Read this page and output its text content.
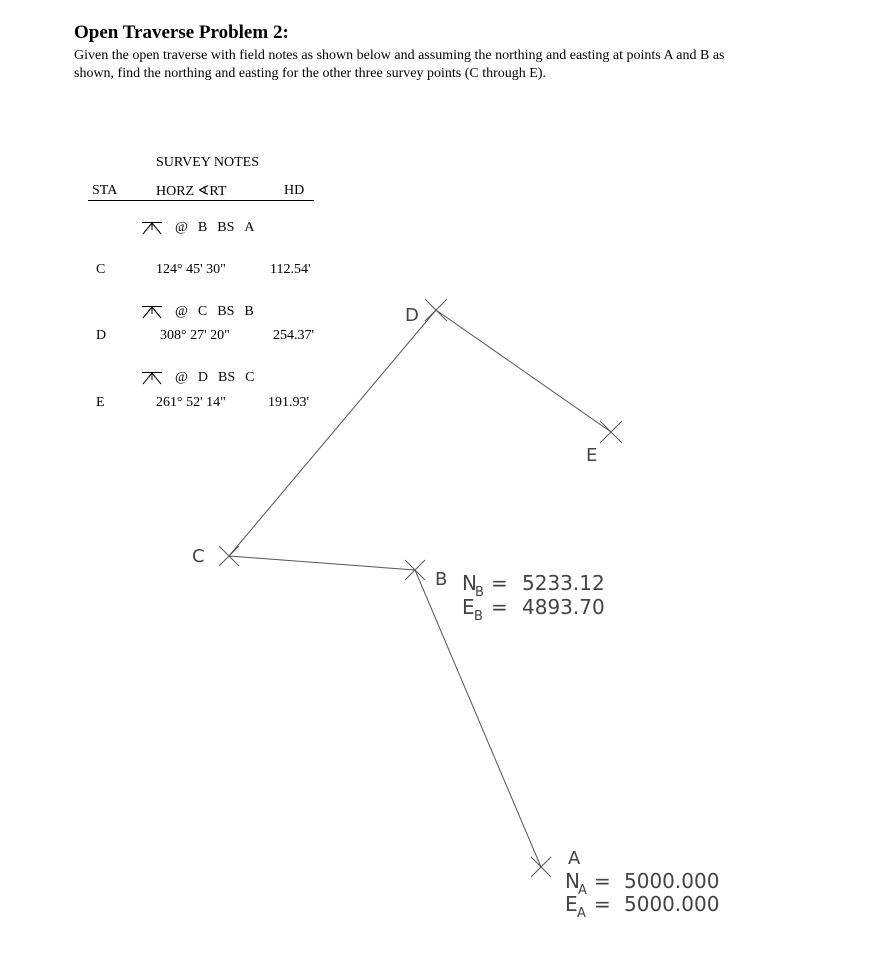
Open Traverse Problem 2:
Given the open traverse with field notes as shown below and assuming the northing and easting at points A and B as shown, find the northing and easting for the other three survey points (C through E).
SURVEY NOTES
STA	HORZ ∢RT	HD
@ B BS A
C	124° 45' 30"	112.54'
@ C BS B
D	308° 27' 20"	254.37'
@ D BS C
E	261° 52' 14"	191.93'
A
B
C
D
E
N
B = 5233.12
E B = 4893.70
N
A = 5000.000
E A = 5000.000
